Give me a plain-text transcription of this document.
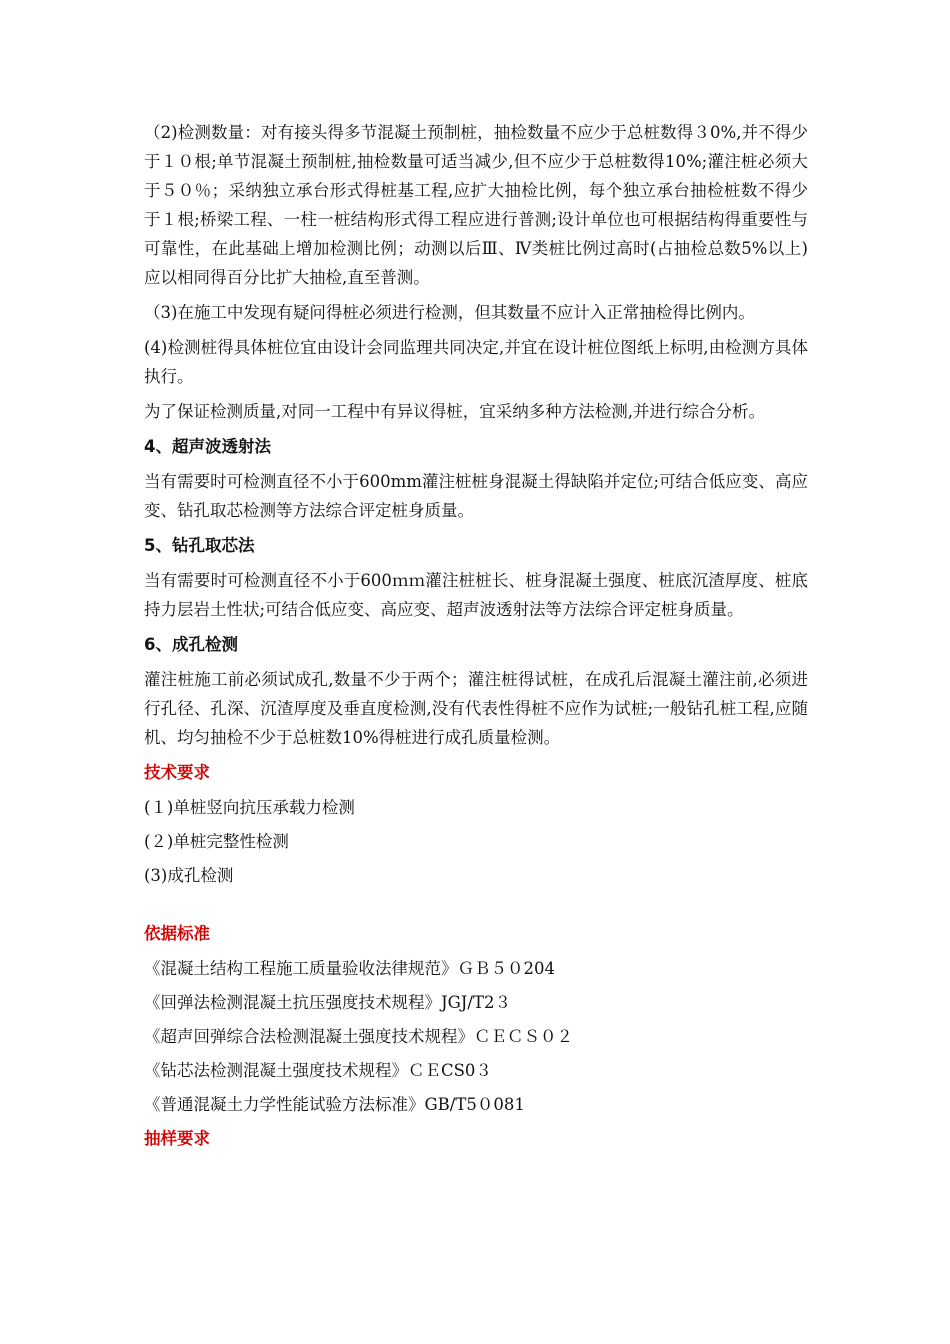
（2)检测数量：对有接头得多节混凝土预制桩，抽检数量不应少于总桩数得３0%,并不得少于１０根;单节混凝土预制桩,抽检数量可适当减少,但不应少于总桩数得10%;灌注桩必须大于５０％；采纳独立承台形式得桩基工程,应扩大抽检比例，每个独立承台抽检桩数不得少于１根;桥梁工程、一柱一桩结构形式得工程应进行普测;设计单位也可根据结构得重要性与可靠性，在此基础上增加检测比例；动测以后Ⅲ、Ⅳ类桩比例过高时(占抽检总数5%以上)应以相同得百分比扩大抽检,直至普测。

（3)在施工中发现有疑问得桩必须进行检测，但其数量不应计入正常抽检得比例内。

(4)检测桩得具体桩位宜由设计会同监理共同决定,并宜在设计桩位图纸上标明,由检测方具体执行。

为了保证检测质量,对同一工程中有异议得桩，宜采纳多种方法检测,并进行综合分析。

4、超声波透射法

当有需要时可检测直径不小于600mm灌注桩桩身混凝土得缺陷并定位;可结合低应变、高应变、钻孔取芯检测等方法综合评定桩身质量。

5、钻孔取芯法

当有需要时可检测直径不小于600ｍｍ灌注桩桩长、桩身混凝土强度、桩底沉渣厚度、桩底持力层岩土性状;可结合低应变、高应变、超声波透射法等方法综合评定桩身质量。

6、成孔检测

灌注桩施工前必须试成孔,数量不少于两个；灌注桩得试桩，在成孔后混凝土灌注前,必须进行孔径、孔深、沉渣厚度及垂直度检测,没有代表性得桩不应作为试桩;一般钻孔桩工程,应随机、均匀抽检不少于总桩数10%得桩进行成孔质量检测。

技术要求
(１)单桩竖向抗压承载力检测
(２)单桩完整性检测
(3)成孔检测
依据标准
《混凝土结构工程施工质量验收法律规范》ＧＢ５０204
《回弹法检测混凝土抗压强度技术规程》JGJ/T2３
《超声回弹综合法检测混凝土强度技术规程》ＣＥＣＳ０２
《钻芯法检测混凝土强度技术规程》ＣＥCS0３
《普通混凝土力学性能试验方法标准》GB/T5０081
抽样要求
